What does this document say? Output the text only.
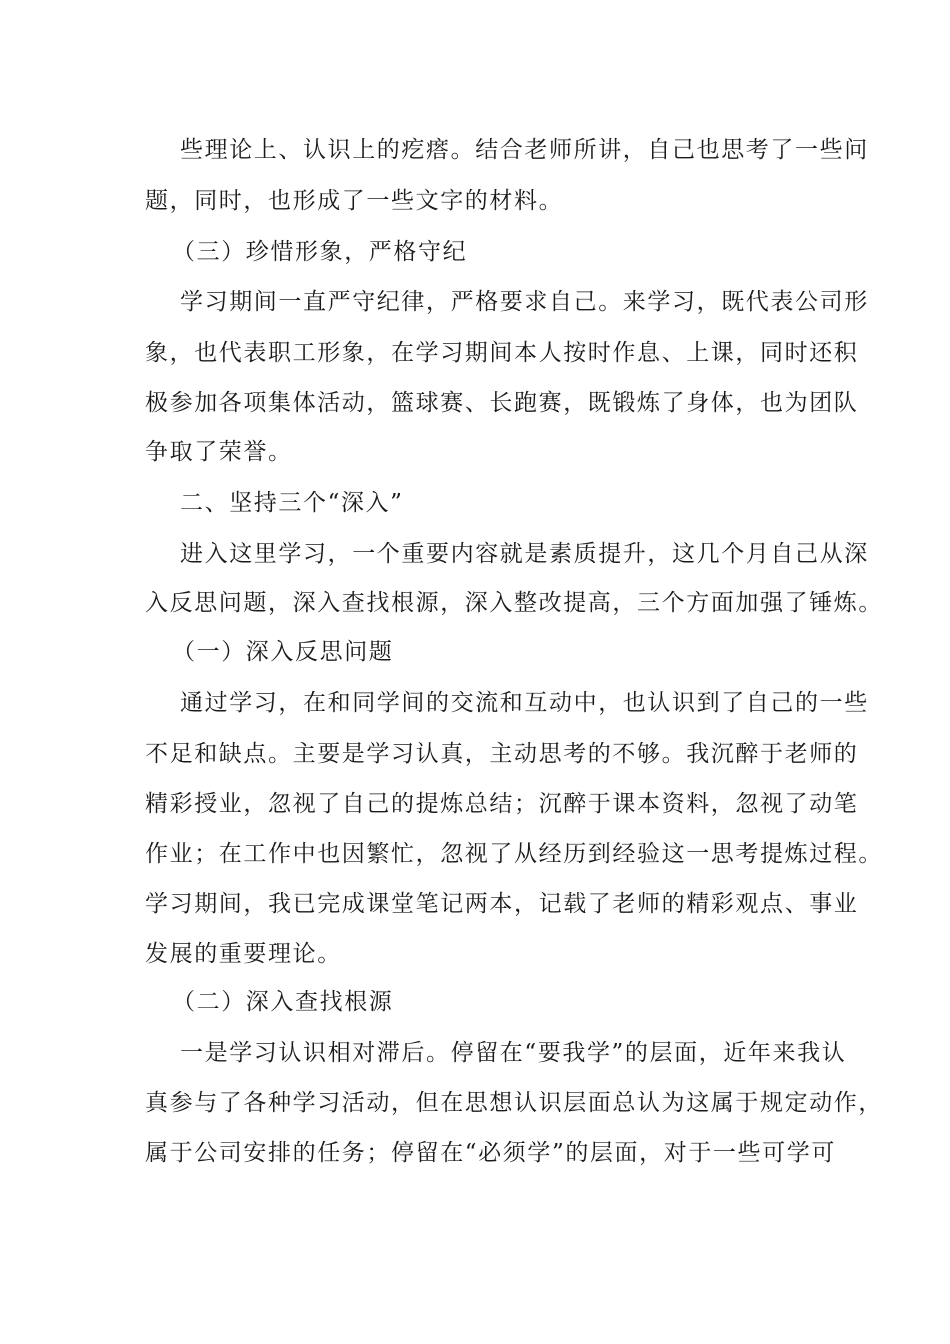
些理论上、认识上的疙瘩。结合老师所讲，自己也思考了一些问
题，同时，也形成了一些文字的材料。
（三）珍惜形象，严格守纪
学习期间一直严守纪律，严格要求自己。来学习，既代表公司形
象，也代表职工形象，在学习期间本人按时作息、上课，同时还积
极参加各项集体活动，篮球赛、长跑赛，既锻炼了身体，也为团队
争取了荣誉。
二、坚持三个“深入”
进入这里学习，一个重要内容就是素质提升，这几个月自己从深
入反思问题，深入查找根源，深入整改提高，三个方面加强了锤炼。
（一）深入反思问题
通过学习，在和同学间的交流和互动中，也认识到了自己的一些
不足和缺点。主要是学习认真，主动思考的不够。我沉醉于老师的
精彩授业，忽视了自己的提炼总结；沉醉于课本资料，忽视了动笔
作业；在工作中也因繁忙，忽视了从经历到经验这一思考提炼过程。
学习期间，我已完成课堂笔记两本，记载了老师的精彩观点、事业
发展的重要理论。
（二）深入查找根源
一是学习认识相对滞后。停留在“要我学”的层面，近年来我认
真参与了各种学习活动，但在思想认识层面总认为这属于规定动作，
属于公司安排的任务；停留在“必须学”的层面，对于一些可学可
